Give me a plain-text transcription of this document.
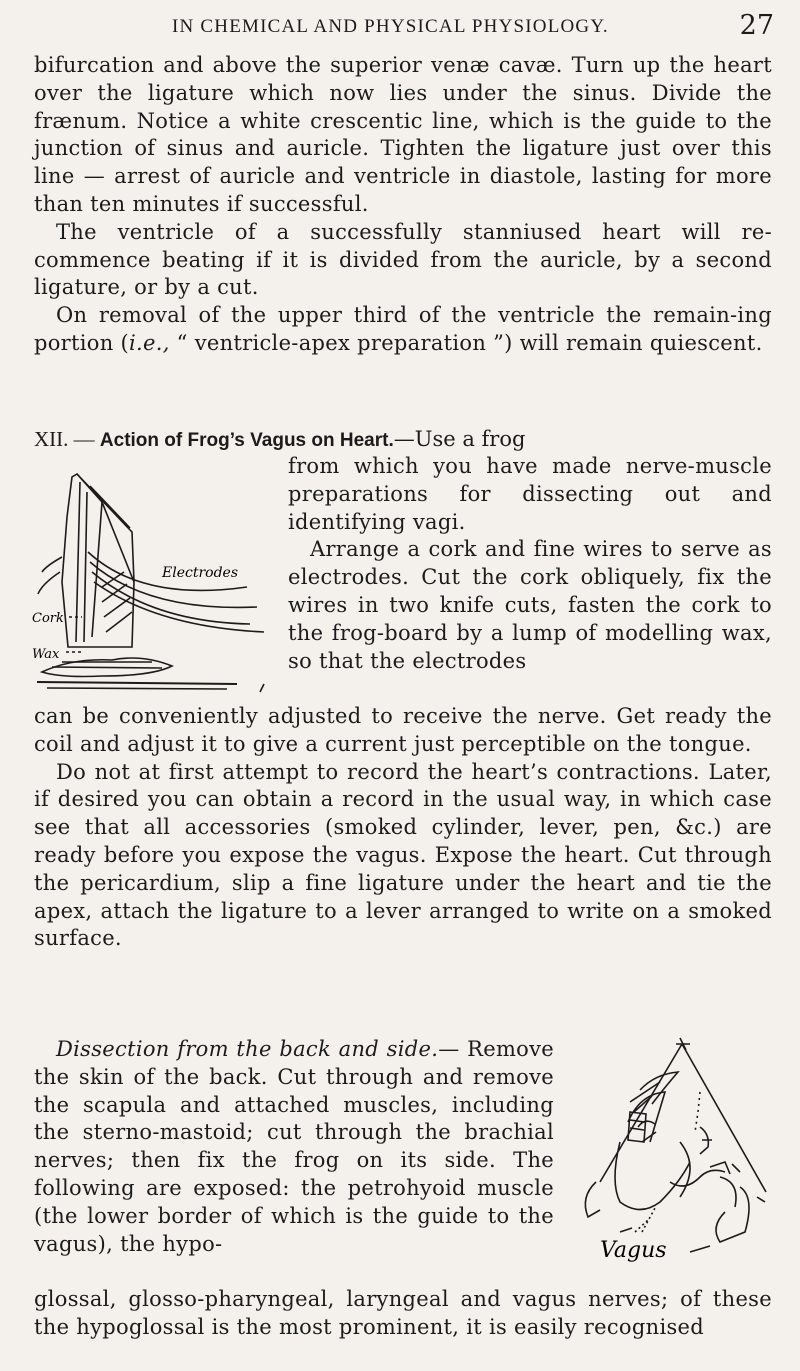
IN CHEMICAL AND PHYSICAL PHYSIOLOGY.	27

bifurcation and above the superior venæ cavæ. Turn up the heart over the ligature which now lies under the sinus. Divide the frænum. Notice a white crescentic line, which is the guide to the junction of sinus and auricle. Tighten the ligature just over this line — arrest of auricle and ventricle in diastole, lasting for more than ten minutes if successful.

The ventricle of a successfully stanniused heart will re-commence beating if it is divided from the auricle, by a second ligature, or by a cut.

On removal of the upper third of the ventricle the remain-ing portion (i.e., “ ventricle-apex preparation ”) will remain quiescent.

XII. — Action of Frog’s Vagus on Heart.—Use a frog

from which you have made nerve-muscle preparations for dissecting out and identifying vagi.

Arrange a cork and fine wires to serve as electrodes. Cut the cork obliquely, fix the wires in two knife cuts, fasten the cork to the frog-board by a lump of modelling wax, so that the electrodes

Electrodes
Cork
Wax

can be conveniently adjusted to receive the nerve. Get ready the coil and adjust it to give a current just perceptible on the tongue.

Do not at first attempt to record the heart’s contractions. Later, if desired you can obtain a record in the usual way, in which case see that all accessories (smoked cylinder, lever, pen, &c.) are ready before you expose the vagus. Expose the heart. Cut through the pericardium, slip a fine ligature under the heart and tie the apex, attach the ligature to a lever arranged to write on a smoked surface.

Dissection from the back and side.— Remove the skin of the back. Cut through and remove the scapula and attached muscles, including the sterno-mastoid; cut through the brachial nerves; then fix the frog on its side. The following are exposed: the petrohyoid muscle (the lower border of which is the guide to the vagus), the hypo-	Vagus

glossal, glosso-pharyngeal, laryngeal and vagus nerves; of these the hypoglossal is the most prominent, it is easily recognised
